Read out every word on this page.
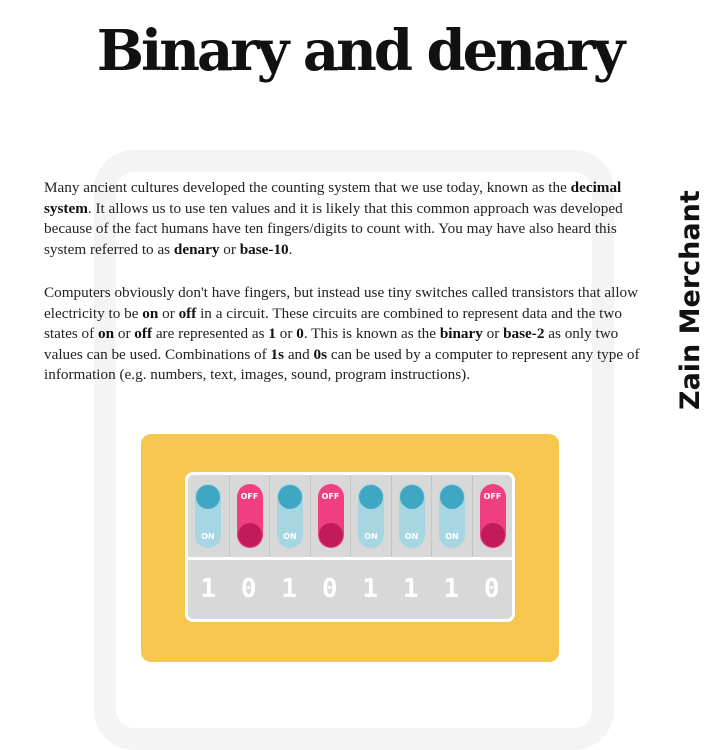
Binary and denary
Zain Merchant

Many ancient cultures developed the counting system that we use today, known as the decimal system. It allows us to use ten values and it is likely that this common approach was developed because of the fact humans have ten fingers/digits to count with. You may have also heard this system referred to as denary or base-10.

Computers obviously don't have fingers, but instead use tiny switches called transistors that allow electricity to be on or off in a circuit. These circuits are combined to represent data and the two states of on or off are represented as 1 or 0. This is known as the binary or base-2 as only two values can be used. Combinations of 1s and 0s can be used by a computer to represent any type of information (e.g. numbers, text, images, sound, program instructions).

ON
OFF
ON
OFF
ON	ON	ON
OFF
1 0 1 0 1 1 1 0
